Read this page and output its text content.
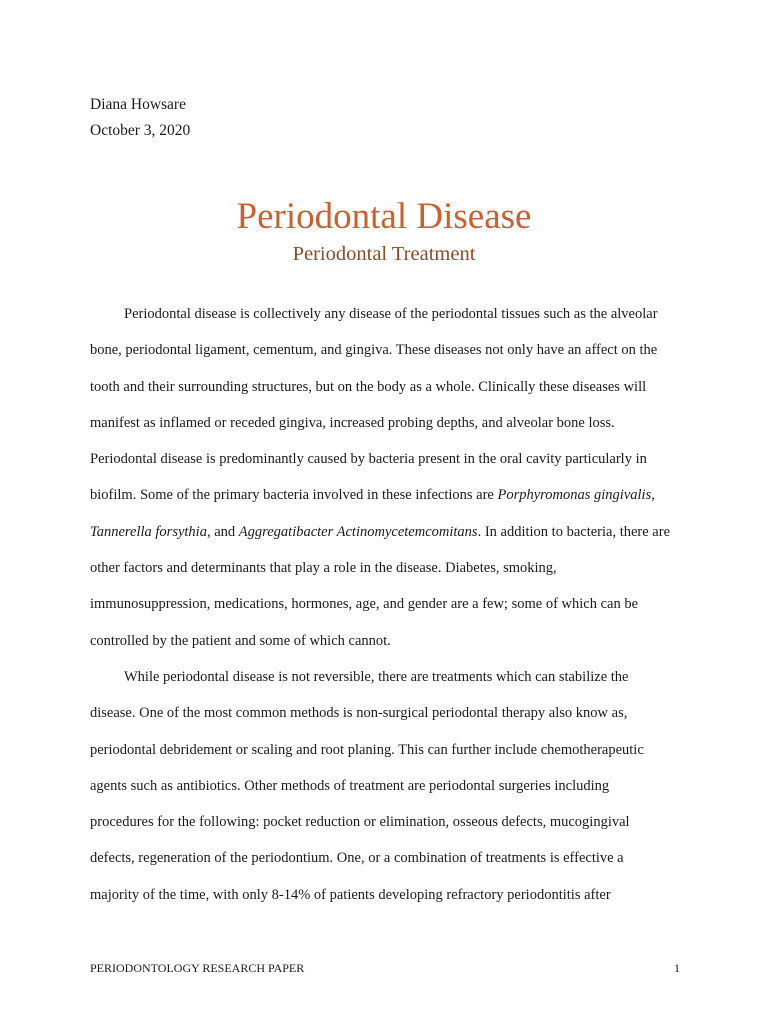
Diana Howsare
October 3, 2020
Periodontal Disease
Periodontal Treatment

Periodontal disease is collectively any disease of the periodontal tissues such as the alveolar bone, periodontal ligament, cementum, and gingiva. These diseases not only have an affect on the tooth and their surrounding structures, but on the body as a whole. Clinically these diseases will manifest as inflamed or receded gingiva, increased probing depths, and alveolar bone loss. Periodontal disease is predominantly caused by bacteria present in the oral cavity particularly in biofilm. Some of the primary bacteria involved in these infections are Porphyromonas gingivalis, Tannerella forsythia, and Aggregatibacter Actinomycetemcomitans. In addition to bacteria, there are other factors and determinants that play a role in the disease. Diabetes, smoking, immunosuppression, medications, hormones, age, and gender are a few; some of which can be controlled by the patient and some of which cannot.

While periodontal disease is not reversible, there are treatments which can stabilize the disease. One of the most common methods is non-surgical periodontal therapy also know as, periodontal debridement or scaling and root planing. This can further include chemotherapeutic agents such as antibiotics. Other methods of treatment are periodontal surgeries including procedures for the following: pocket reduction or elimination, osseous defects, mucogingival defects, regeneration of the periodontium. One, or a combination of treatments is effective a majority of the time, with only 8-14% of patients developing refractory periodontitis after

PERIODONTOLOGY RESEARCH PAPER	1
